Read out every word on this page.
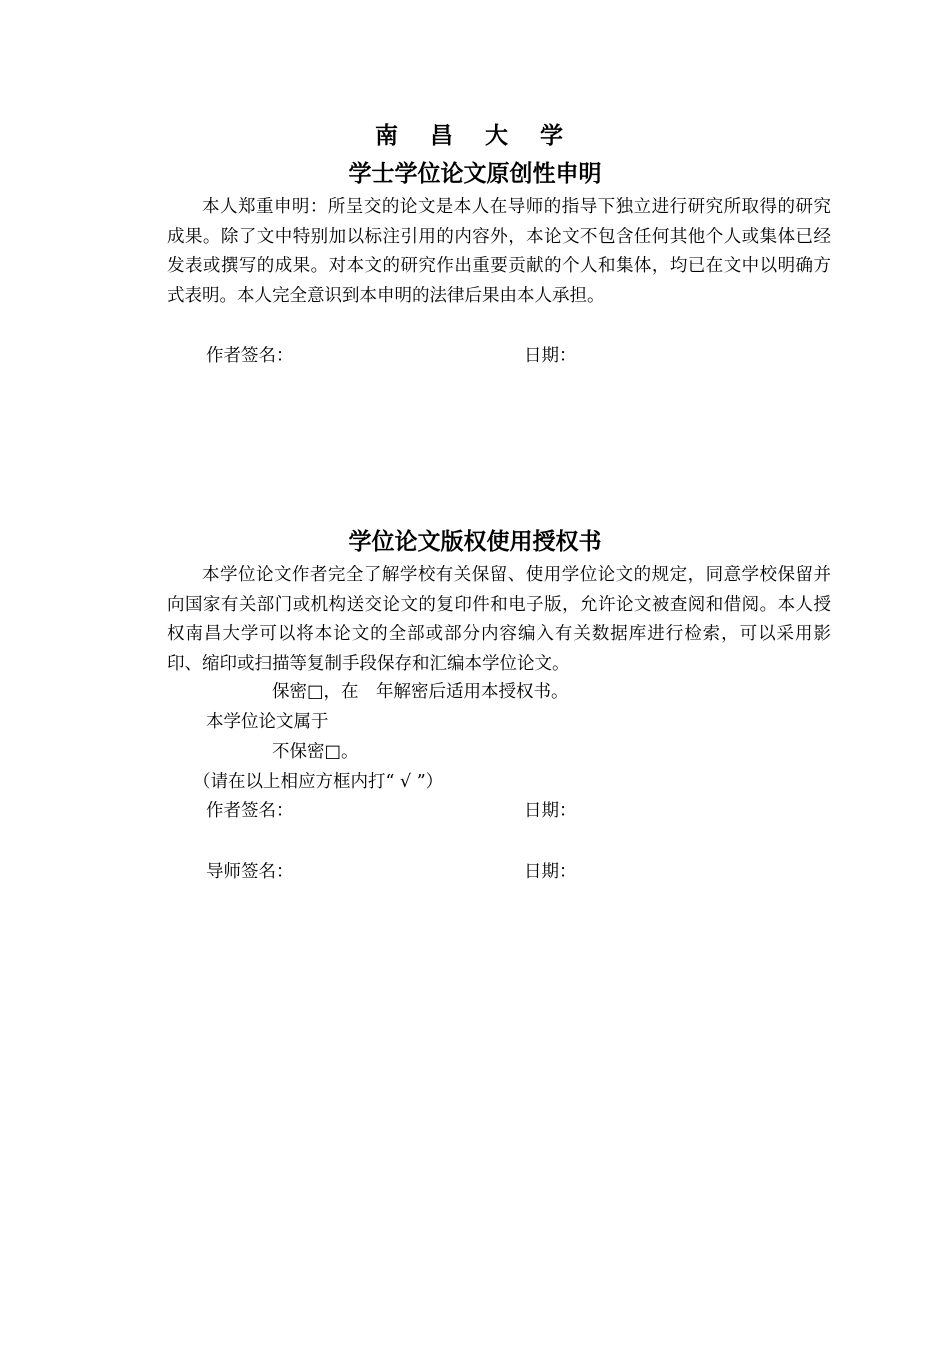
南 昌 大 学
学士学位论文原创性申明

本人郑重申明：所呈交的论文是本人在导师的指导下独立进行研究所取得的研究成果。除了文中特别加以标注引用的内容外，本论文不包含任何其他个人或集体已经发表或撰写的成果。对本文的研究作出重要贡献的个人和集体，均已在文中以明确方式表明。本人完全意识到本申明的法律后果由本人承担。

作者签名：	日期：
学位论文版权使用授权书

本学位论文作者完全了解学校有关保留、使用学位论文的规定，同意学校保留并向国家有关部门或机构送交论文的复印件和电子版，允许论文被查阅和借阅。本人授权南昌大学可以将本论文的全部或部分内容编入有关数据库进行检索，可以采用影印、缩印或扫描等复制手段保存和汇编本学位论文。

保密□，在　年解密后适用本授权书。
本学位论文属于
不保密□。
（请在以上相应方框内打“ √ ”）
作者签名：	日期：
导师签名：	日期：
